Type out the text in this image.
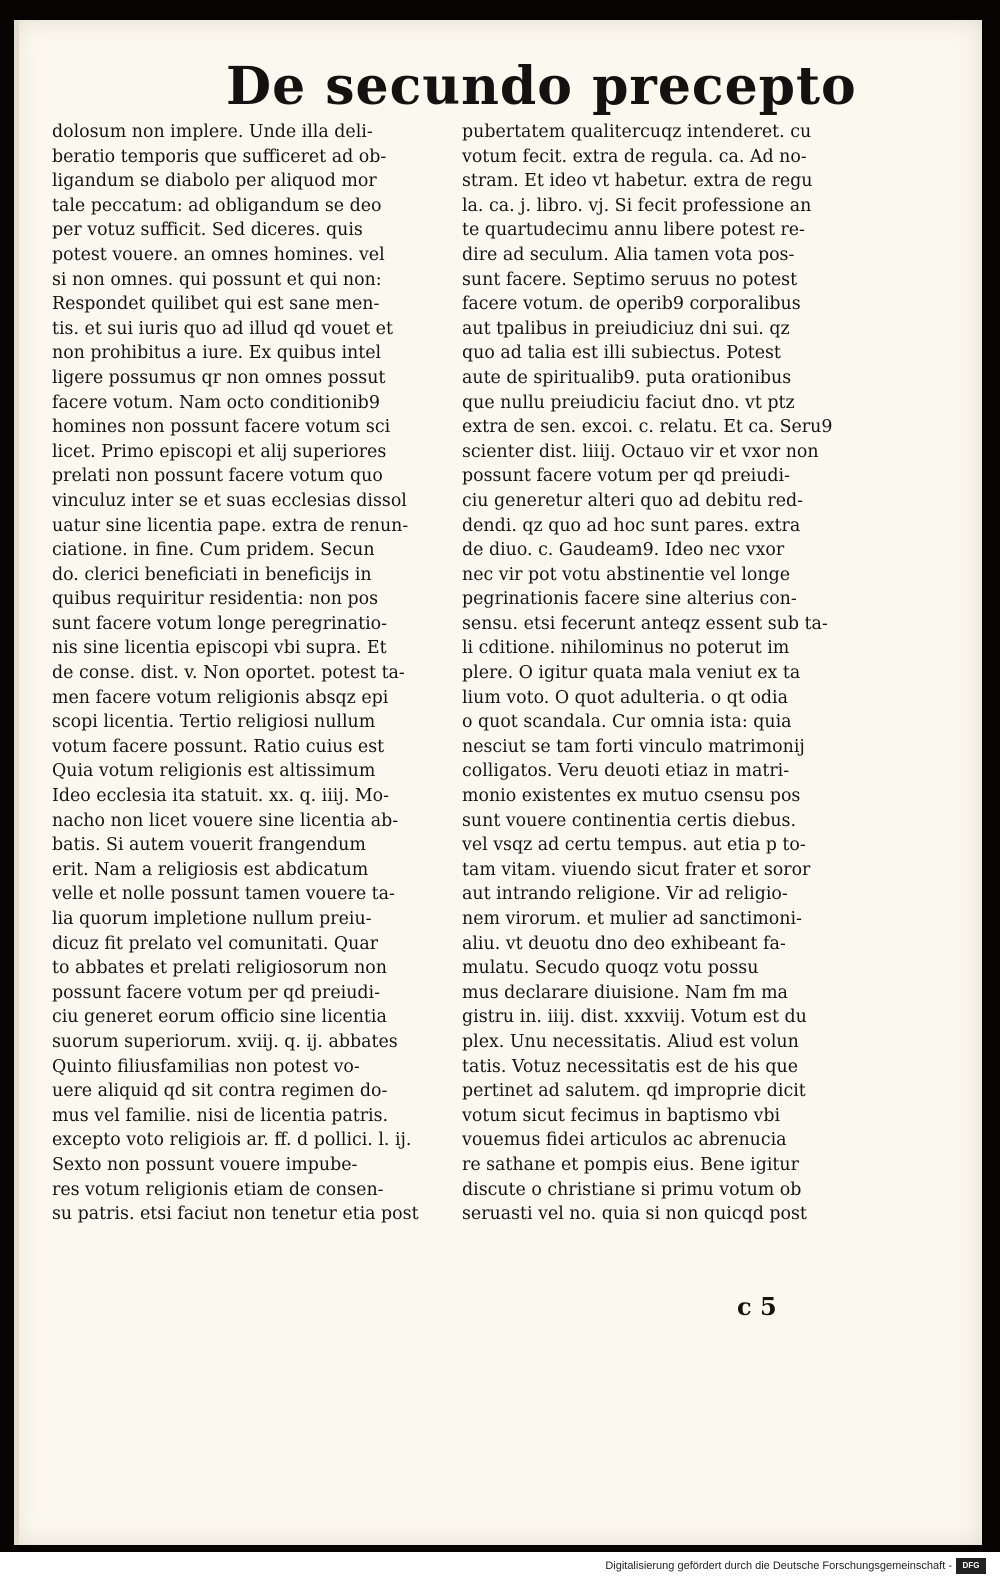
De secundo precepto
dolosum non implere. Unde illa deli-
beratio temporis que sufficeret ad ob-
ligandum se diabolo per aliquod mor
tale peccatum: ad obligandum se deo
per votuz sufficit. Sed diceres. quis
potest vouere. an omnes homines. vel
si non omnes. qui possunt et qui non:
Respondet quilibet qui est sane men-
tis. et sui iuris quo ad illud qd vouet et
non prohibitus a iure. Ex quibus intel
ligere possumus qr non omnes possut
facere votum. Nam octo conditionib9
homines non possunt facere votum sci
licet. Primo episcopi et alij superiores
prelati non possunt facere votum quo
vinculuz inter se et suas ecclesias dissol
uatur sine licentia pape. extra de renun-
ciatione. in fine. Cum pridem. Secun
do. clerici beneficiati in beneficijs in
quibus requiritur residentia: non pos
sunt facere votum longe peregrinatio-
nis sine licentia episcopi vbi supra. Et
de conse. dist. v. Non oportet. potest ta-
men facere votum religionis absqz epi
scopi licentia. Tertio religiosi nullum
votum facere possunt. Ratio cuius est
Quia votum religionis est altissimum
Ideo ecclesia ita statuit. xx. q. iiij. Mo-
nacho non licet vouere sine licentia ab-
batis. Si autem vouerit frangendum
erit. Nam a religiosis est abdicatum
velle et nolle possunt tamen vouere ta-
lia quorum impletione nullum preiu-
dicuz fit prelato vel comunitati. Quar
to abbates et prelati religiosorum non
possunt facere votum per qd preiudi-
ciu generet eorum officio sine licentia
suorum superiorum. xviij. q. ij. abbates
Quinto filiusfamilias non potest vo-
uere aliquid qd sit contra regimen do-
mus vel familie. nisi de licentia patris.
excepto voto religiois ar. ff. d pollici. l. ij.
Sexto non possunt vouere impube-
res votum religionis etiam de consen-
su patris. etsi faciut non tenetur etia post
pubertatem qualitercuqz intenderet. cu
votum fecit. extra de regula. ca. Ad no-
stram. Et ideo vt habetur. extra de regu
la. ca. j. libro. vj. Si fecit professione an
te quartudecimu annu libere potest re-
dire ad seculum. Alia tamen vota pos-
sunt facere. Septimo seruus no potest
facere votum. de operib9 corporalibus
aut tpalibus in preiudiciuz dni sui. qz
quo ad talia est illi subiectus. Potest
aute de spiritualib9. puta orationibus
que nullu preiudiciu faciut dno. vt ptz
extra de sen. excoi. c. relatu. Et ca. Seru9
scienter dist. liiij. Octauo vir et vxor non
possunt facere votum per qd preiudi-
ciu generetur alteri quo ad debitu red-
dendi. qz quo ad hoc sunt pares. extra
de diuo. c. Gaudeam9. Ideo nec vxor
nec vir pot votu abstinentie vel longe
pegrinationis facere sine alterius con-
sensu. etsi fecerunt anteqz essent sub ta-
li cditione. nihilominus no poterut im
plere. O igitur quata mala veniut ex ta
lium voto. O quot adulteria. o qt odia
o quot scandala. Cur omnia ista: quia
nesciut se tam forti vinculo matrimonij
colligatos. Veru deuoti etiaz in matri-
monio existentes ex mutuo csensu pos
sunt vouere continentia certis diebus.
vel vsqz ad certu tempus. aut etia p to-
tam vitam. viuendo sicut frater et soror
aut intrando religione. Vir ad religio-
nem virorum. et mulier ad sanctimoni-
aliu. vt deuotu dno deo exhibeant fa-
mulatu. Secudo quoqz votu possu
mus declarare diuisione. Nam fm ma
gistru in. iiij. dist. xxxviij. Votum est du
plex. Unu necessitatis. Aliud est volun
tatis. Votuz necessitatis est de his que
pertinet ad salutem. qd improprie dicit
votum sicut fecimus in baptismo vbi
vouemus fidei articulos ac abrenucia
re sathane et pompis eius. Bene igitur
discute o christiane si primu votum ob
seruasti vel no. quia si non quicqd post
c 5
Digitalisierung gefördert durch die Deutsche Forschungsgemeinschaft -	DFG
